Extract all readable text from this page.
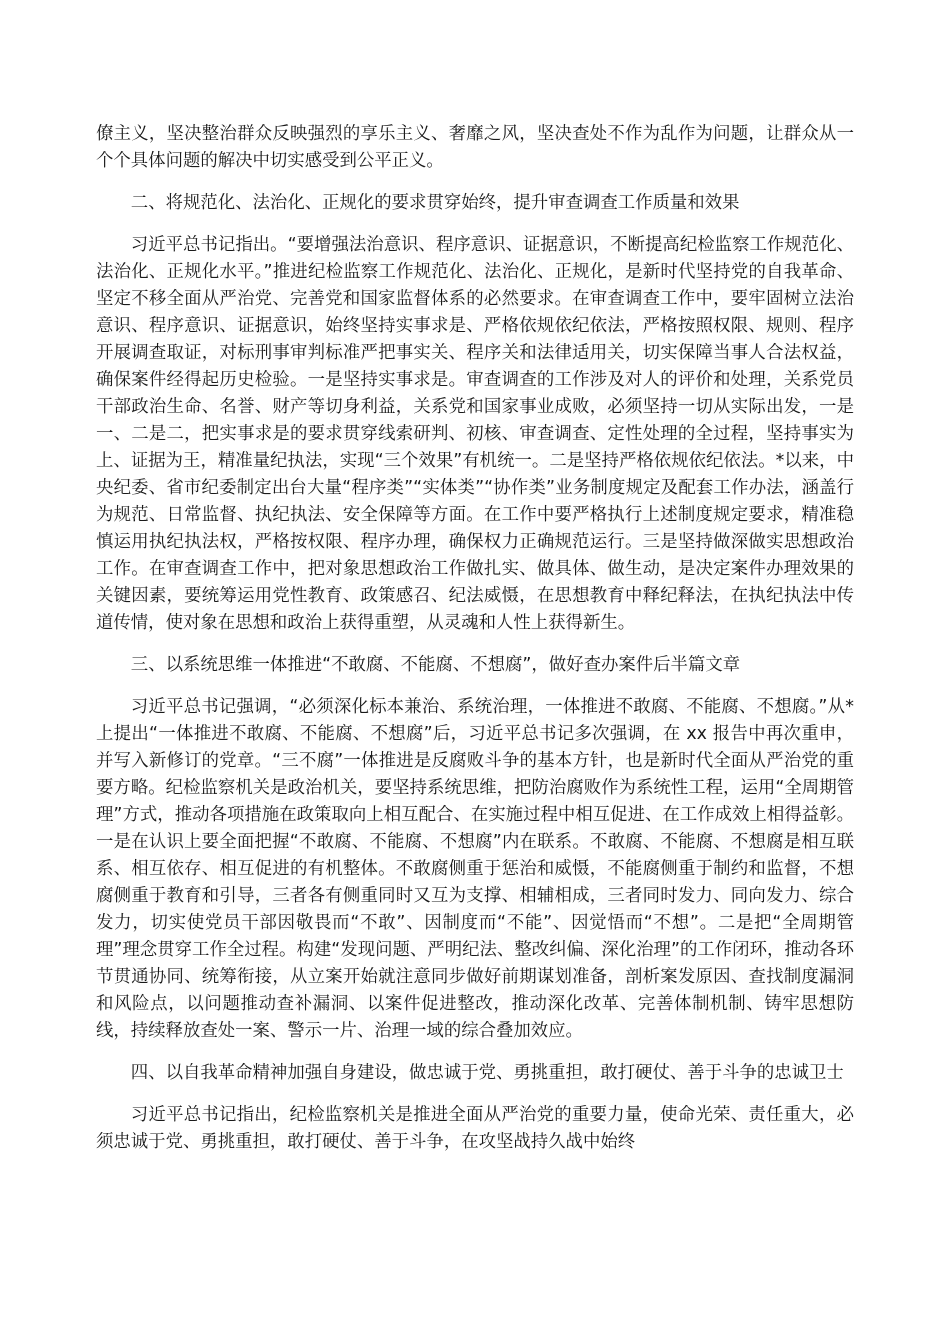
僚主义，坚决整治群众反映强烈的享乐主义、奢靡之风，坚决查处不作为乱作为问题，让群众从一个个具体问题的解决中切实感受到公平正义。

二、将规范化、法治化、正规化的要求贯穿始终，提升审查调查工作质量和效果

习近平总书记指出。“要增强法治意识、程序意识、证据意识，不断提高纪检监察工作规范化、法治化、正规化水平。”推进纪检监察工作规范化、法治化、正规化，是新时代坚持党的自我革命、坚定不移全面从严治党、完善党和国家监督体系的必然要求。在审查调查工作中，要牢固树立法治意识、程序意识、证据意识，始终坚持实事求是、严格依规依纪依法，严格按照权限、规则、程序开展调查取证，对标刑事审判标准严把事实关、程序关和法律适用关，切实保障当事人合法权益，确保案件经得起历史检验。一是坚持实事求是。审查调查的工作涉及对人的评价和处理，关系党员干部政治生命、名誉、财产等切身利益，关系党和国家事业成败，必须坚持一切从实际出发，一是一、二是二，把实事求是的要求贯穿线索研判、初核、审查调查、定性处理的全过程，坚持事实为上、证据为王，精准量纪执法，实现“三个效果”有机统一。二是坚持严格依规依纪依法。*以来，中央纪委、省市纪委制定出台大量“程序类”“实体类”“协作类”业务制度规定及配套工作办法，涵盖行为规范、日常监督、执纪执法、安全保障等方面。在工作中要严格执行上述制度规定要求，精准稳慎运用执纪执法权，严格按权限、程序办理，确保权力正确规范运行。三是坚持做深做实思想政治工作。在审查调查工作中，把对象思想政治工作做扎实、做具体、做生动，是决定案件办理效果的关键因素，要统筹运用党性教育、政策感召、纪法威慑，在思想教育中释纪释法，在执纪执法中传道传情，使对象在思想和政治上获得重塑，从灵魂和人性上获得新生。

三、以系统思维一体推进“不敢腐、不能腐、不想腐”，做好查办案件后半篇文章

习近平总书记强调，“必须深化标本兼治、系统治理，一体推进不敢腐、不能腐、不想腐。”从*上提出“一体推进不敢腐、不能腐、不想腐”后，习近平总书记多次强调，在 xx 报告中再次重申，并写入新修订的党章。“三不腐”一体推进是反腐败斗争的基本方针，也是新时代全面从严治党的重要方略。纪检监察机关是政治机关，要坚持系统思维，把防治腐败作为系统性工程，运用“全周期管理”方式，推动各项措施在政策取向上相互配合、在实施过程中相互促进、在工作成效上相得益彰。一是在认识上要全面把握“不敢腐、不能腐、不想腐”内在联系。不敢腐、不能腐、不想腐是相互联系、相互依存、相互促进的有机整体。不敢腐侧重于惩治和威慑，不能腐侧重于制约和监督，不想腐侧重于教育和引导，三者各有侧重同时又互为支撑、相辅相成，三者同时发力、同向发力、综合发力，切实使党员干部因敬畏而“不敢”、因制度而“不能”、因觉悟而“不想”。二是把“全周期管理”理念贯穿工作全过程。构建“发现问题、严明纪法、整改纠偏、深化治理”的工作闭环，推动各环节贯通协同、统筹衔接，从立案开始就注意同步做好前期谋划准备，剖析案发原因、查找制度漏洞和风险点，以问题推动查补漏洞、以案件促进整改，推动深化改革、完善体制机制、铸牢思想防线，持续释放查处一案、警示一片、治理一域的综合叠加效应。

四、以自我革命精神加强自身建设，做忠诚于党、勇挑重担，敢打硬仗、善于斗争的忠诚卫士

习近平总书记指出，纪检监察机关是推进全面从严治党的重要力量，使命光荣、责任重大，必须忠诚于党、勇挑重担，敢打硬仗、善于斗争，在攻坚战持久战中始终
